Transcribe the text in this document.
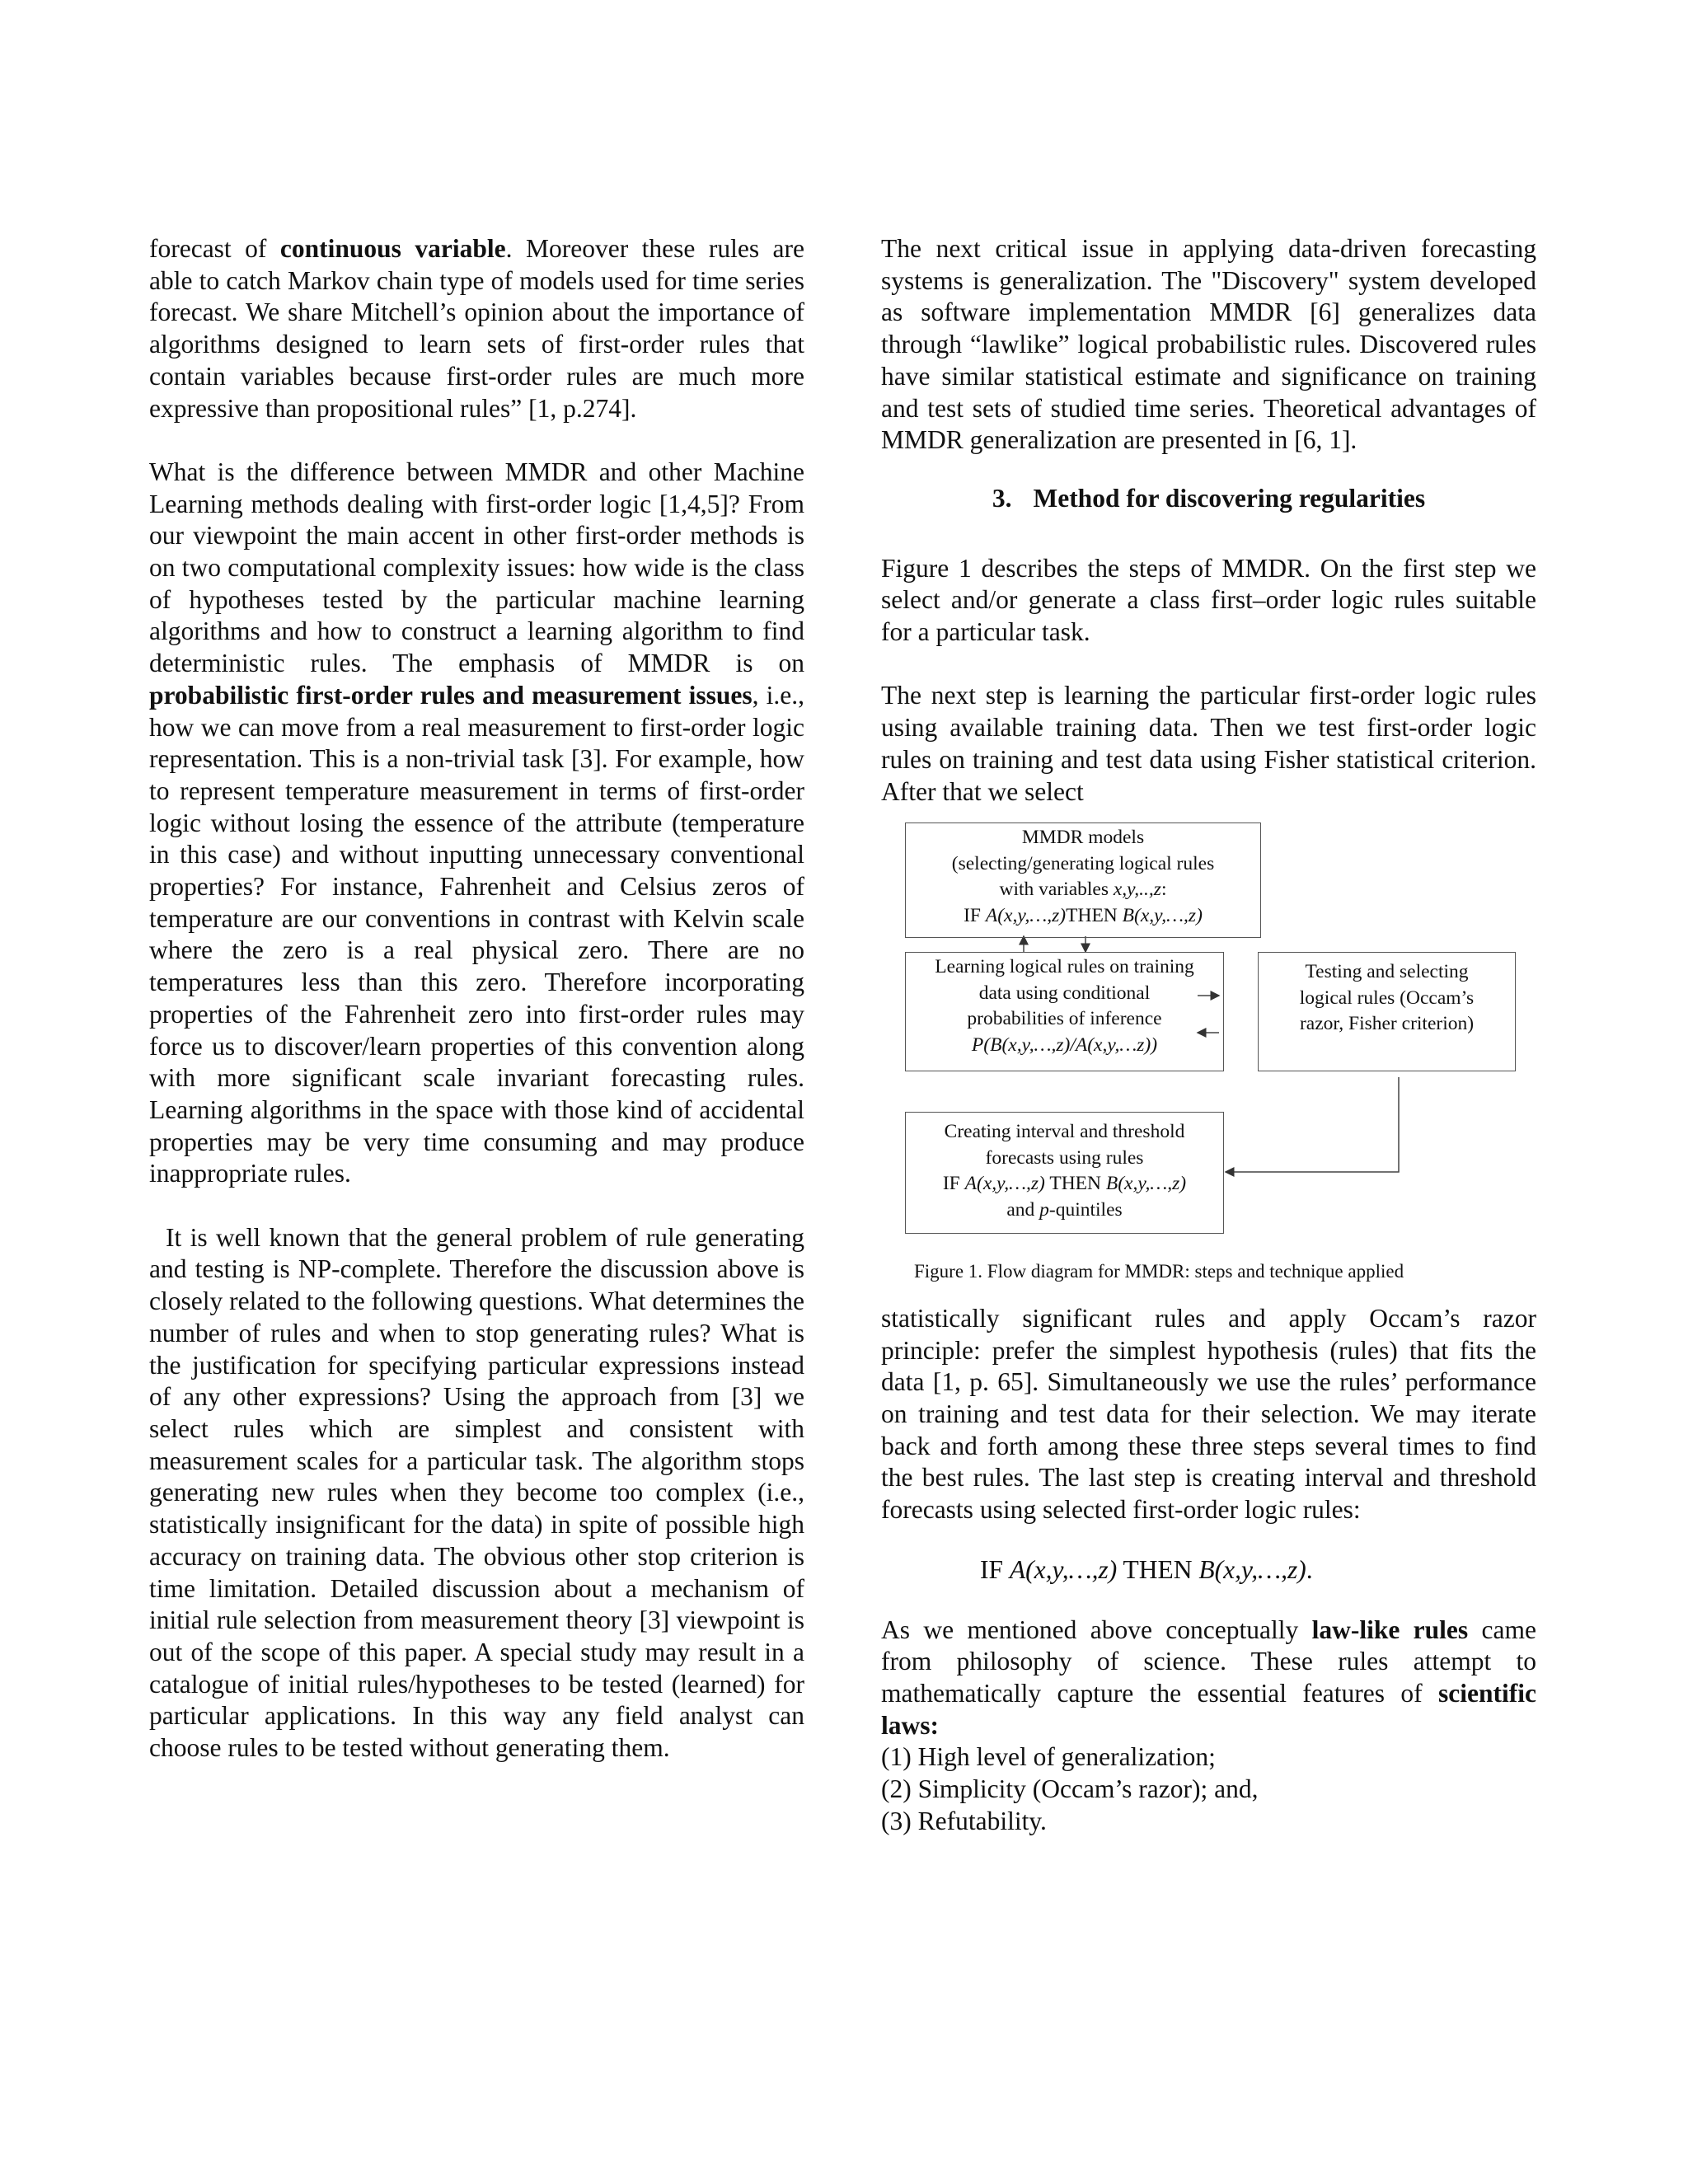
forecast of continuous variable. Moreover these rules are able to catch Markov chain type of models used for time series forecast. We share Mitchell’s opinion about the importance of algorithms designed to learn sets of first-order rules that contain variables because first-order rules are much more expressive than propositional rules” [1, p.274].

What is the difference between MMDR and other Machine Learning methods dealing with first-order logic [1,4,5]? From our viewpoint the main accent in other first-order methods is on two computational complexity issues: how wide is the class of hypotheses tested by the particular machine learning algorithms and how to construct a learning algorithm to find deterministic rules. The emphasis of MMDR is on probabilistic first-order rules and measurement issues, i.e., how we can move from a real measurement to first-order logic representation. This is a non-trivial task [3]. For example, how to represent temperature measurement in terms of first-order logic without losing the essence of the attribute (temperature in this case) and without inputting unnecessary conventional properties? For instance, Fahrenheit and Celsius zeros of temperature are our conventions in contrast with Kelvin scale where the zero is a real physical zero. There are no temperatures less than this zero. Therefore incorporating properties of the Fahrenheit zero into first-order rules may force us to discover/learn properties of this convention along with more significant scale invariant forecasting rules. Learning algorithms in the space with those kind of accidental properties may be very time consuming and may produce inappropriate rules.

It is well known that the general problem of rule generating and testing is NP-complete. Therefore the discussion above is closely related to the following questions. What determines the number of rules and when to stop generating rules? What is the justification for specifying particular expressions instead of any other expressions? Using the approach from [3] we select rules which are simplest and consistent with measurement scales for a particular task. The algorithm stops generating new rules when they become too complex (i.e., statistically insignificant for the data) in spite of possible high accuracy on training data. The obvious other stop criterion is time limitation. Detailed discussion about a mechanism of initial rule selection from measurement theory [3] viewpoint is out of the scope of this paper. A special study may result in a catalogue of initial rules/hypotheses to be tested (learned) for particular applications. In this way any field analyst can choose rules to be tested without generating them.

The next critical issue in applying data-driven forecasting systems is generalization. The "Discovery" system developed as software implementation MMDR [6] generalizes data through “lawlike” logical probabilistic rules. Discovered rules have similar statistical estimate and significance on training and test sets of studied time series. Theoretical advantages of MMDR generalization are presented in [6, 1].

3. Method for discovering regularities

Figure 1 describes the steps of MMDR. On the first step we select and/or generate a class first–order logic rules suitable for a particular task.

The next step is learning the particular first-order logic rules using available training data. Then we test first-order logic rules on training and test data using Fisher statistical criterion. After that we select

MMDR models
(selecting/generating logical rules
with variables x,y,..,z:
IF A(x,y,…,z)THEN B(x,y,…,z)
Learning logical rules on training
data using conditional
probabilities of inference
P(B(x,y,…,z)/A(x,y,…z))
Testing and selecting
logical rules (Occam’s
razor, Fisher criterion)
Creating interval and threshold
forecasts using rules
IF A(x,y,…,z) THEN B(x,y,…,z)
and p-quintiles
Figure 1. Flow diagram for MMDR: steps and technique applied

statistically significant rules and apply Occam’s razor principle: prefer the simplest hypothesis (rules) that fits the data [1, p. 65]. Simultaneously we use the rules’ performance on training and test data for their selection. We may iterate back and forth among these three steps several times to find the best rules. The last step is creating interval and threshold forecasts using selected first-order logic rules:

IF A(x,y,…,z) THEN B(x,y,…,z).

As we mentioned above conceptually law-like rules came from philosophy of science. These rules attempt to mathematically capture the essential features of scientific laws:

(1) High level of generalization;
(2) Simplicity (Occam’s razor); and,
(3) Refutability.
